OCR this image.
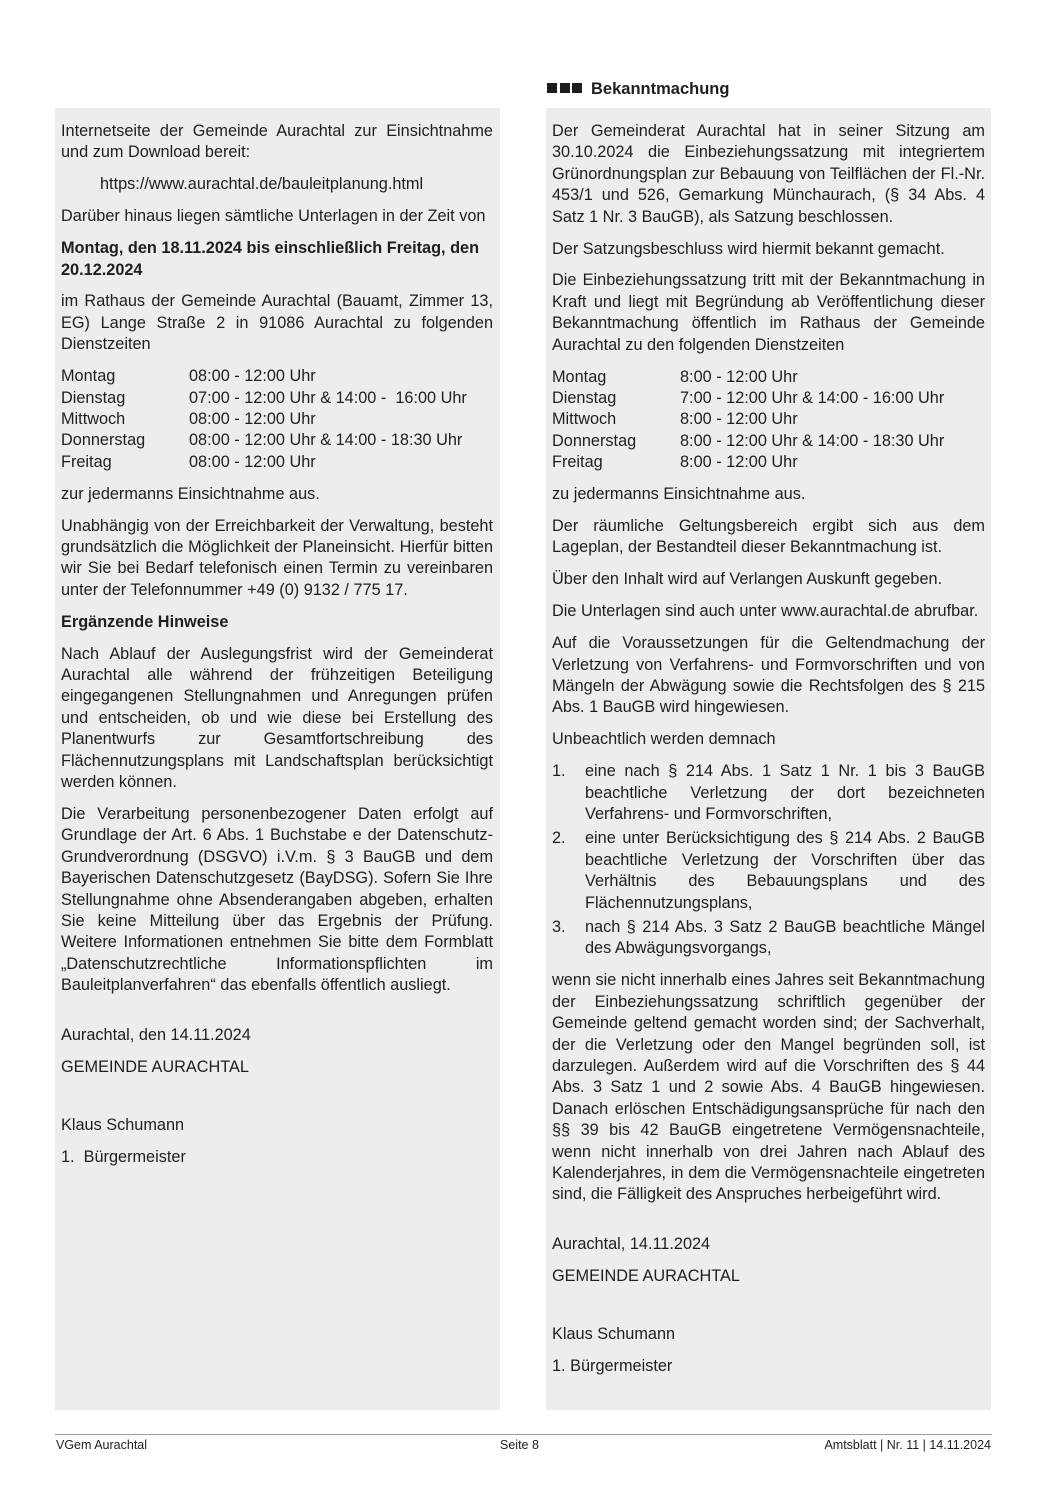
Bekanntmachung

Internetseite der Gemeinde Aurachtal zur Einsichtnahme und zum Download bereit:

https://www.aurachtal.de/bauleitplanung.html

Darüber hinaus liegen sämtliche Unterlagen in der Zeit von

Montag, den 18.11.2024 bis einschließlich Freitag, den 20.12.2024

im Rathaus der Gemeinde Aurachtal (Bauamt, Zimmer 13, EG) Lange Straße 2 in 91086 Aurachtal zu folgenden Dienstzeiten

Montag	08:00 - 12:00 Uhr
Dienstag	07:00 - 12:00 Uhr & 14:00 -  16:00 Uhr
Mittwoch	08:00 - 12:00 Uhr
Donnerstag	08:00 - 12:00 Uhr & 14:00 - 18:30 Uhr
Freitag	08:00 - 12:00 Uhr

zur jedermanns Einsichtnahme aus.

Unabhängig von der Erreichbarkeit der Verwaltung, besteht grundsätzlich die Möglichkeit der Planeinsicht. Hierfür bitten wir Sie bei Bedarf telefonisch einen Termin zu vereinbaren unter der Telefonnummer +49 (0) 9132 / 775 17.

Ergänzende Hinweise

Nach Ablauf der Auslegungsfrist wird der Gemeinderat Aurachtal alle während der frühzeitigen Beteiligung eingegangenen Stellungnahmen und Anregungen prüfen und entscheiden, ob und wie diese bei Erstellung des Planentwurfs zur Gesamtfortschreibung des Flächennutzungsplans mit Landschaftsplan berücksichtigt werden können.

Die Verarbeitung personenbezogener Daten erfolgt auf Grundlage der Art. 6 Abs. 1 Buchstabe e der Datenschutz-Grundverordnung (DSGVO) i.V.m. § 3 BauGB und dem Bayerischen Datenschutzgesetz (BayDSG). Sofern Sie Ihre Stellungnahme ohne Absenderangaben abgeben, erhalten Sie keine Mitteilung über das Ergebnis der Prüfung. Weitere Informationen entnehmen Sie bitte dem Formblatt „Datenschutzrechtliche Informationspflichten im Bauleitplanverfahren“ das ebenfalls öffentlich ausliegt.

Aurachtal, den 14.11.2024

GEMEINDE AURACHTAL

Klaus Schumann

1.  Bürgermeister

Der Gemeinderat Aurachtal hat in seiner Sitzung am 30.10.2024 die Einbeziehungssatzung mit integriertem Grünordnungsplan zur Bebauung von Teilflächen der Fl.-Nr. 453/1 und 526, Gemarkung Münchaurach, (§ 34 Abs. 4 Satz 1 Nr. 3 BauGB), als Satzung beschlossen.

Der Satzungsbeschluss wird hiermit bekannt gemacht.

Die Einbeziehungssatzung tritt mit der Bekanntmachung in Kraft und liegt mit Begründung ab Veröffentlichung dieser Bekanntmachung öffentlich im Rathaus der Gemeinde Aurachtal zu den folgenden Dienstzeiten

Montag	8:00 - 12:00 Uhr
Dienstag	7:00 - 12:00 Uhr & 14:00 - 16:00 Uhr
Mittwoch	8:00 - 12:00 Uhr
Donnerstag	8:00 - 12:00 Uhr & 14:00 - 18:30 Uhr
Freitag	8:00 - 12:00 Uhr

zu jedermanns Einsichtnahme aus.

Der räumliche Geltungsbereich ergibt sich aus dem Lageplan, der Bestandteil dieser Bekanntmachung ist.

Über den Inhalt wird auf Verlangen Auskunft gegeben.

Die Unterlagen sind auch unter www.aurachtal.de abrufbar.

Auf die Voraussetzungen für die Geltendmachung der Verletzung von Verfahrens- und Formvorschriften und von Mängeln der Abwägung sowie die Rechtsfolgen des § 215 Abs. 1 BauGB wird hingewiesen.

Unbeachtlich werden demnach

1. eine nach § 214 Abs. 1 Satz 1 Nr. 1 bis 3 BauGB beachtliche Verletzung der dort bezeichneten Verfahrens- und Formvorschriften,
2. eine unter Berücksichtigung des § 214 Abs. 2 BauGB beachtliche Verletzung der Vorschriften über das Verhältnis des Bebauungsplans und des Flächennutzungsplans,
3. nach § 214 Abs. 3 Satz 2 BauGB beachtliche Mängel des Abwägungsvorgangs,

wenn sie nicht innerhalb eines Jahres seit Bekanntmachung der Einbeziehungssatzung schriftlich gegenüber der Gemeinde geltend gemacht worden sind; der Sachverhalt, der die Verletzung oder den Mangel begründen soll, ist darzulegen. Außerdem wird auf die Vorschriften des § 44 Abs. 3 Satz 1 und 2 sowie Abs. 4 BauGB hingewiesen. Danach erlöschen Entschädigungsansprüche für nach den §§ 39 bis 42 BauGB eingetretene Vermögensnachteile, wenn nicht innerhalb von drei Jahren nach Ablauf des Kalenderjahres, in dem die Vermögensnachteile eingetreten sind, die Fälligkeit des Anspruches herbeigeführt wird.

Aurachtal, 14.11.2024

GEMEINDE AURACHTAL

Klaus Schumann

1. Bürgermeister

VGem Aurachtal	Seite 8	Amtsblatt | Nr. 11 | 14.11.2024
